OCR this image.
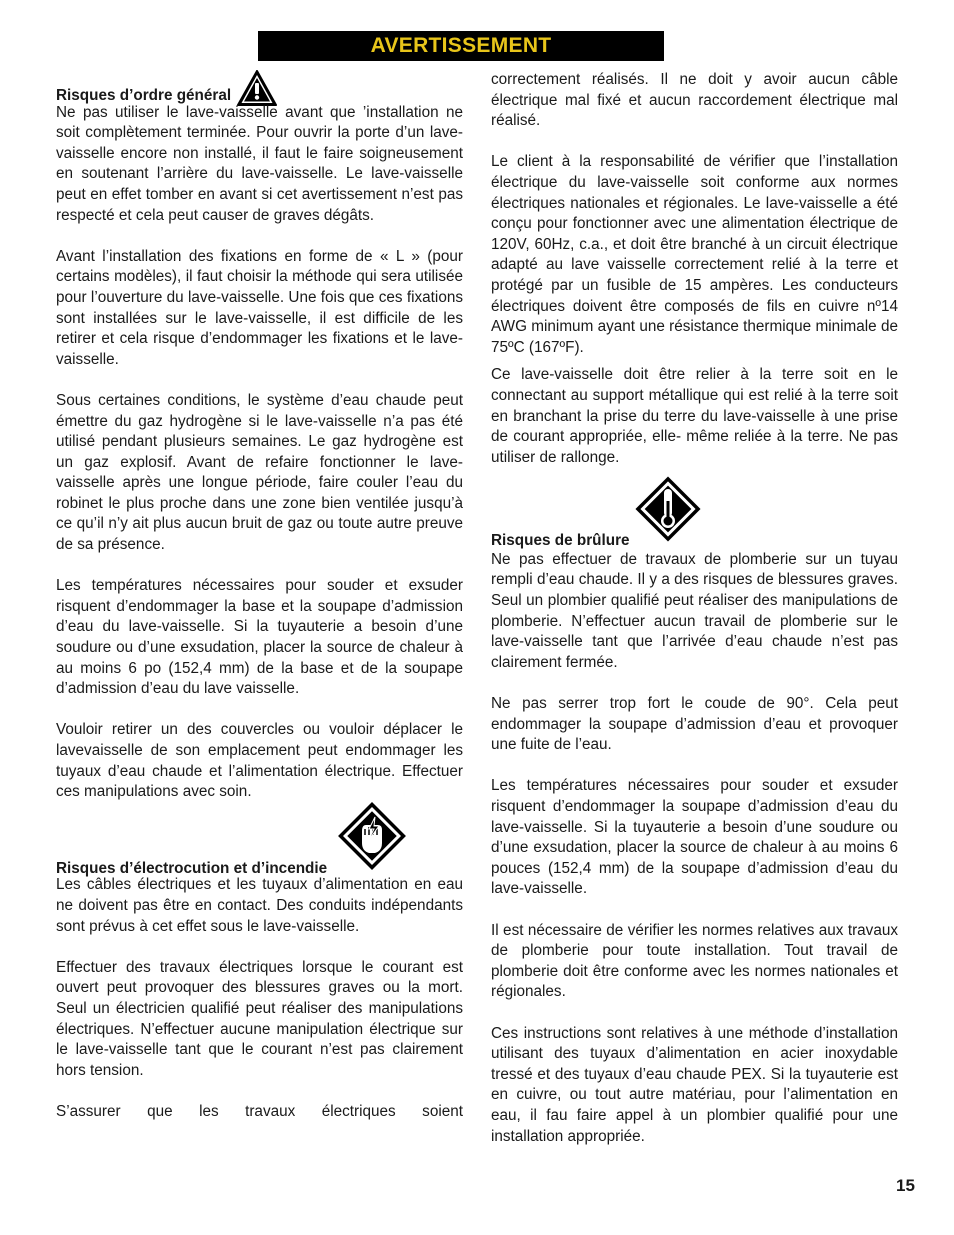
AVERTISSEMENT
Risques d’ordre général

Ne pas utiliser le lave-vaisselle avant que ’installation ne soit complètement terminée. Pour ouvrir la porte d’un lave-vaisselle encore non installé, il faut le faire soigneusement en soutenant l’arrière du lave-vaisselle. Le lave-vaisselle peut en effet tomber en avant si cet avertissement n’est pas respecté et cela peut causer de graves dégâts.

Avant l’installation des fixations en forme de « L » (pour certains modèles), il faut choisir la méthode qui sera utilisée pour l’ouverture du lave-vaisselle. Une fois que ces fixations sont installées sur le lave-vaisselle, il est difficile de les retirer et cela risque d’endommager les fixations et le lave-vaisselle.

Sous certaines conditions, le système d’eau chaude peut émettre du gaz hydrogène si le lave-vaisselle n’a pas été utilisé pendant plusieurs semaines. Le gaz hydrogène est un gaz explosif. Avant de refaire fonctionner le lave-vaisselle après une longue période, faire couler l’eau du robinet le plus proche dans une zone bien ventilée jusqu’à ce qu’il n’y ait plus aucun bruit de gaz ou toute autre preuve de sa présence.

Les températures nécessaires pour souder et exsuder risquent d’endommager la base et la soupape d’admission d’eau du lave-vaisselle. Si la tuyauterie a besoin d’une soudure ou d’une exsudation, placer la source de chaleur à au moins 6 po (152,4 mm) de la base et de la soupape d’admission d’eau du lave vaisselle.

Vouloir retirer un des couvercles ou vouloir déplacer le lavevaisselle de son emplacement peut endommager les tuyaux d’eau chaude et l’alimentation électrique. Effectuer ces manipulations avec soin.

Risques d’électrocution et d’incendie

Les câbles électriques et les tuyaux d’alimentation en eau ne doivent pas être en contact. Des conduits indépendants sont prévus à cet effet sous le lave-vaisselle.

Effectuer des travaux électriques lorsque le courant est ouvert peut provoquer des blessures graves ou la mort. Seul un électricien qualifié peut réaliser des manipulations électriques. N’effectuer aucune manipulation électrique sur le lave-vaisselle tant que le courant n’est pas clairement hors tension.

S’assurer que les travaux électriques soient

correctement réalisés. Il ne doit y avoir aucun câble électrique mal fixé et aucun raccordement électrique mal réalisé.

Le client à la responsabilité de vérifier que l’installation électrique du lave-vaisselle soit conforme aux normes électriques nationales et régionales. Le lave-vaisselle a été conçu pour fonctionner avec une alimentation électrique de 120V, 60Hz, c.a., et doit être branché à un circuit électrique adapté au lave vaisselle correctement relié à la terre et protégé par un fusible de 15 ampères. Les conducteurs électriques doivent être composés de fils en cuivre nº14 AWG minimum ayant une résistance thermique minimale de 75ºC (167ºF).

Ce lave-vaisselle doit être relier à la terre soit en le connectant au support métallique qui est relié à la terre soit en branchant la prise du terre du lave-vaisselle à une prise de courant appropriée, elle- même reliée à la terre. Ne pas utiliser de rallonge.

Risques de brûlure

Ne pas effectuer de travaux de plomberie sur un tuyau rempli d’eau chaude. Il y a des risques de blessures graves. Seul un plombier qualifié peut réaliser des manipulations de plomberie. N’effectuer aucun travail de plomberie sur le lave-vaisselle tant que l’arrivée d’eau chaude n’est pas clairement fermée.

Ne pas serrer trop fort le coude de 90°. Cela peut endommager la soupape d’admission d’eau et provoquer une fuite de l’eau.

Les températures nécessaires pour souder et exsuder risquent d’endommager la soupape d’admission d’eau du lave-vaisselle. Si la tuyauterie a besoin d’une soudure ou d’une exsudation, placer la source de chaleur à au moins 6 pouces (152,4 mm) de la soupape d’admission d’eau du lave-vaisselle.

Il est nécessaire de vérifier les normes relatives aux travaux de plomberie pour toute installation. Tout travail de plomberie doit être conforme avec les normes nationales et régionales.

Ces instructions sont relatives à une méthode d’installation utilisant des tuyaux d’alimentation en acier inoxydable tressé et des tuyaux d’eau chaude PEX. Si la tuyauterie est en cuivre, ou tout autre matériau, pour l’alimentation en eau, il fau faire appel à un plombier qualifié pour une installation appropriée.

15
